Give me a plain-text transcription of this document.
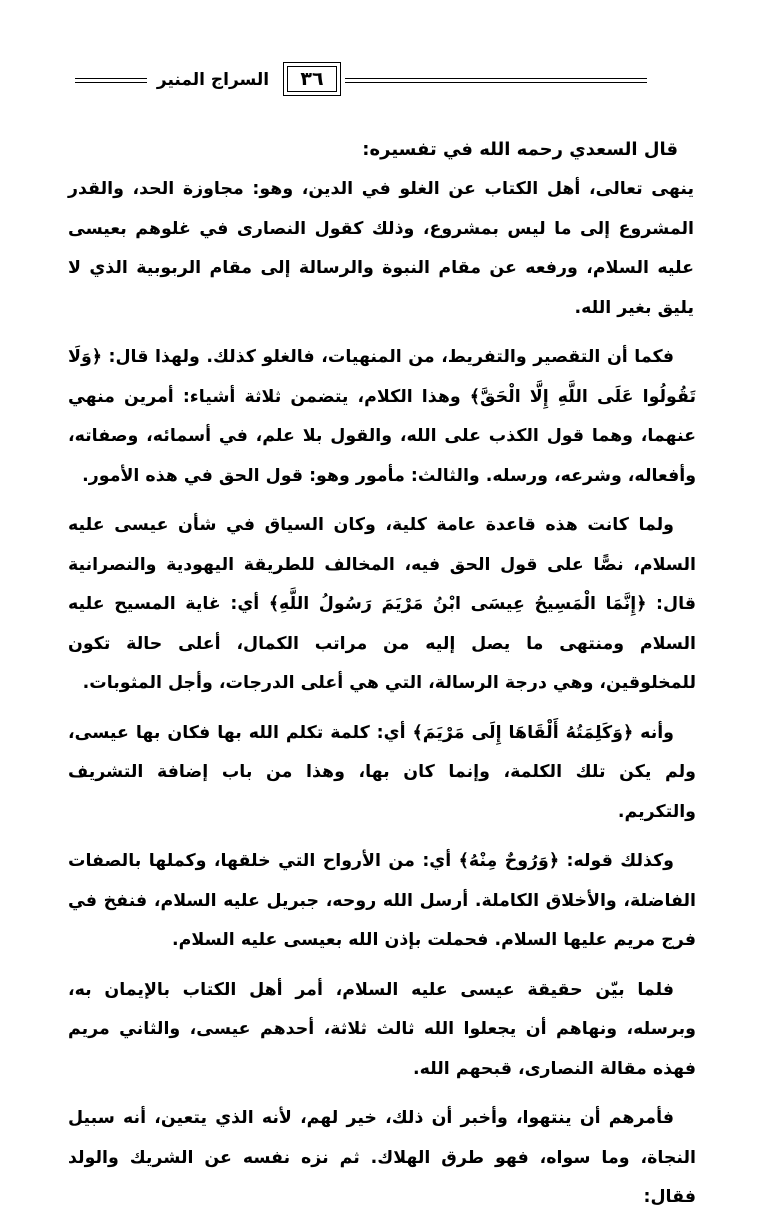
السراج المنير	٣٦
قال السعدي رحمه الله في تفسيره:

ينهى تعالى، أهل الكتاب عن الغلو في الدين، وهو: مجاوزة الحد، والقدر المشروع إلى ما ليس بمشروع، وذلك كقول النصارى في غلوهم بعيسى عليه السلام، ورفعه عن مقام النبوة والرسالة إلى مقام الربوبية الذي لا يليق بغير الله.

فكما أن التقصير والتفريط، من المنهيات، فالغلو كذلك. ولهذا قال: ﴿وَلَا تَقُولُوا عَلَى اللَّهِ إِلَّا الْحَقَّ﴾ وهذا الكلام، يتضمن ثلاثة أشياء: أمرين منهي عنهما، وهما قول الكذب على الله، والقول بلا علم، في أسمائه، وصفاته، وأفعاله، وشرعه، ورسله. والثالث: مأمور وهو: قول الحق في هذه الأمور.

ولما كانت هذه قاعدة عامة كلية، وكان السياق في شأن عيسى عليه السلام، نصًّا على قول الحق فيه، المخالف للطريقة اليهودية والنصرانية قال: ﴿إِنَّمَا الْمَسِيحُ عِيسَى ابْنُ مَرْيَمَ رَسُولُ اللَّهِ﴾ أي: غاية المسيح عليه السلام ومنتهى ما يصل إليه من مراتب الكمال، أعلى حالة تكون للمخلوقين، وهي درجة الرسالة، التي هي أعلى الدرجات، وأجل المثوبات.

وأنه ﴿وَكَلِمَتُهُ أَلْقَاهَا إِلَى مَرْيَمَ﴾ أي: كلمة تكلم الله بها فكان بها عيسى، ولم يكن تلك الكلمة، وإنما كان بها، وهذا من باب إضافة التشريف والتكريم.

وكذلك قوله: ﴿وَرُوحٌ مِنْهُ﴾ أي: من الأرواح التي خلقها، وكملها بالصفات الفاضلة، والأخلاق الكاملة. أرسل الله روحه، جبريل عليه السلام، فنفخ في فرج مريم عليها السلام. فحملت بإذن الله بعيسى عليه السلام.

فلما بيّن حقيقة عيسى عليه السلام، أمر أهل الكتاب بالإيمان به، وبرسله، ونهاهم أن يجعلوا الله ثالث ثلاثة، أحدهم عيسى، والثاني مريم فهذه مقالة النصارى، قبحهم الله.

فأمرهم أن ينتهوا، وأخبر أن ذلك، خير لهم، لأنه الذي يتعين، أنه سبيل النجاة، وما سواه، فهو طرق الهلاك. ثم نزه نفسه عن الشريك والولد فقال:
